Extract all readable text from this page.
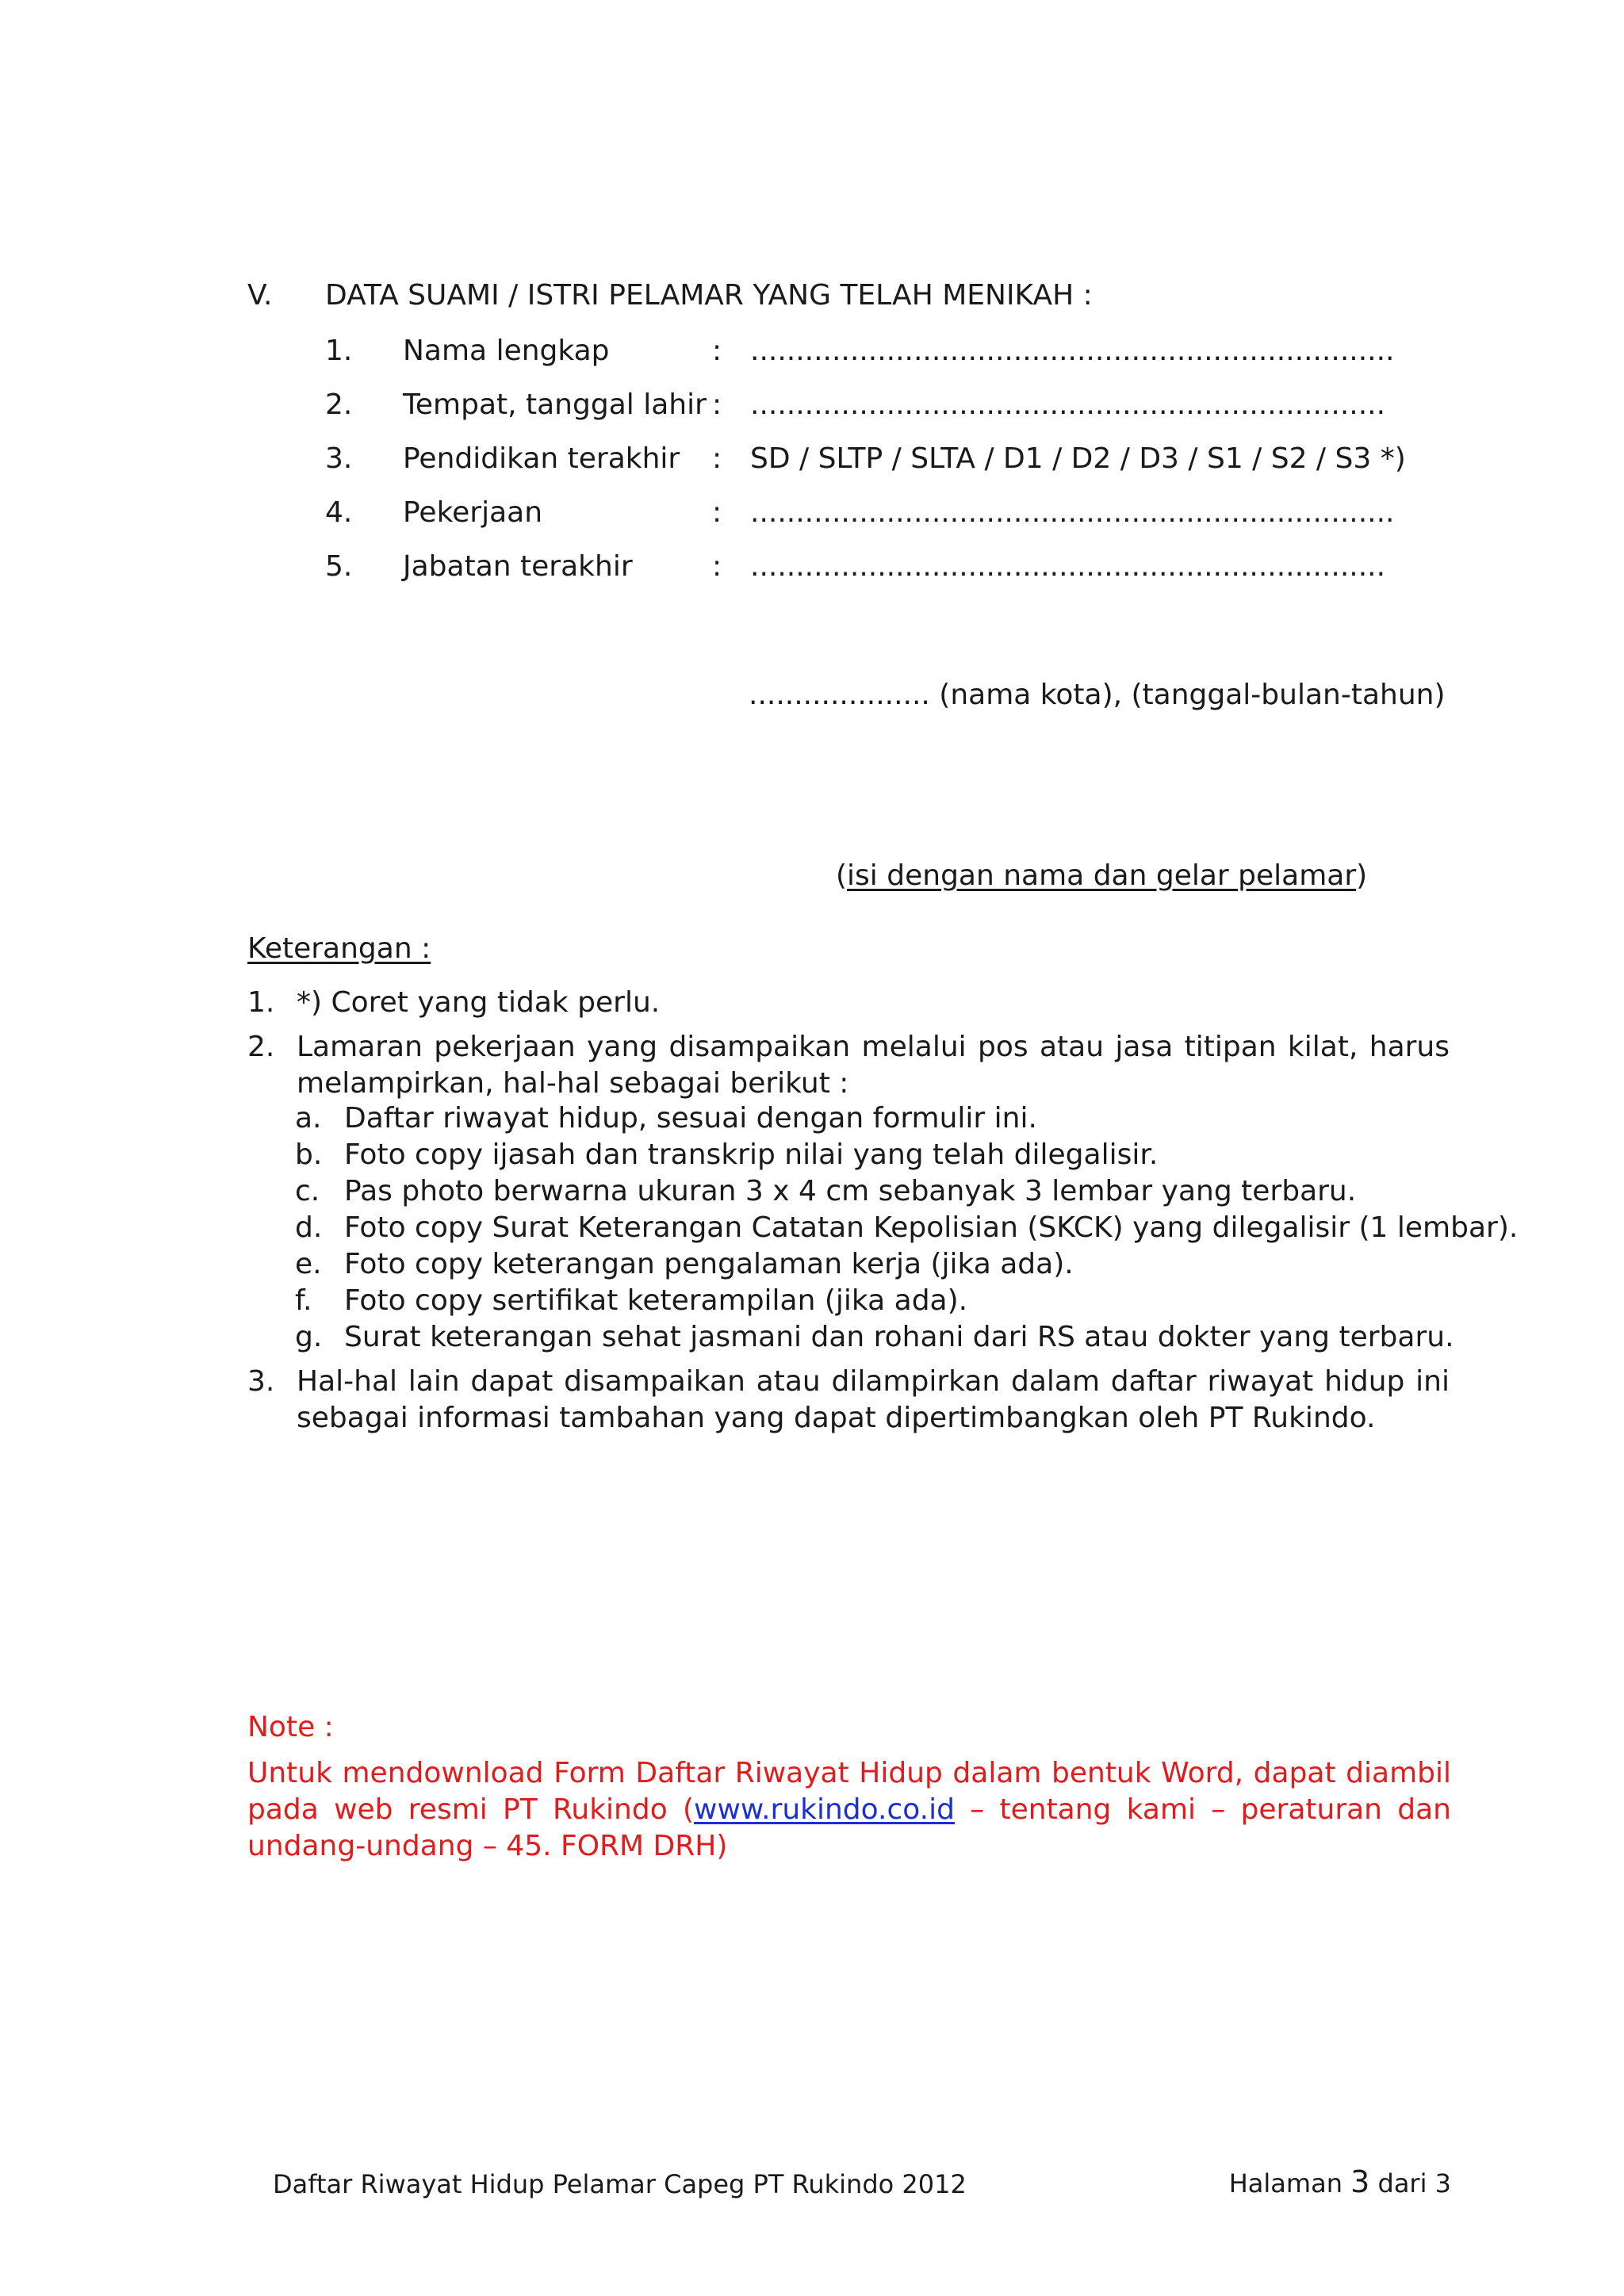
V. DATA SUAMI / ISTRI PELAMAR YANG TELAH MENIKAH :
1. Nama lengkap	: .......................................................................
2. Tempat, tanggal lahir : ......................................................................
3. Pendidikan terakhir : SD / SLTP / SLTA / D1 / D2 / D3 / S1 / S2 / S3 *)
4. Pekerjaan	: .......................................................................
5. Jabatan terakhir	: ......................................................................
.................... (nama kota), (tanggal-bulan-tahun)
(isi dengan nama dan gelar pelamar)
Keterangan :
1. *) Coret yang tidak perlu.
2. Lamaran pekerjaan yang disampaikan melalui pos atau jasa titipan kilat, harus melampirkan, hal-hal sebagai berikut :
a. Daftar riwayat hidup, sesuai dengan formulir ini.
b. Foto copy ijasah dan transkrip nilai yang telah dilegalisir.
c. Pas photo berwarna ukuran 3 x 4 cm sebanyak 3 lembar yang terbaru.
d. Foto copy Surat Keterangan Catatan Kepolisian (SKCK) yang dilegalisir (1 lembar).
e. Foto copy keterangan pengalaman kerja (jika ada).
f. Foto copy sertifikat keterampilan (jika ada).
g. Surat keterangan sehat jasmani dan rohani dari RS atau dokter yang terbaru.
3. Hal-hal lain dapat disampaikan atau dilampirkan dalam daftar riwayat hidup ini sebagai informasi tambahan yang dapat dipertimbangkan oleh PT Rukindo.
Note :
Untuk mendownload Form Daftar Riwayat Hidup dalam bentuk Word, dapat diambil pada web resmi PT Rukindo (www.rukindo.co.id – tentang kami – peraturan dan undang-undang – 45. FORM DRH)
Daftar Riwayat Hidup Pelamar Capeg PT Rukindo 2012	Halaman 3 dari 3
